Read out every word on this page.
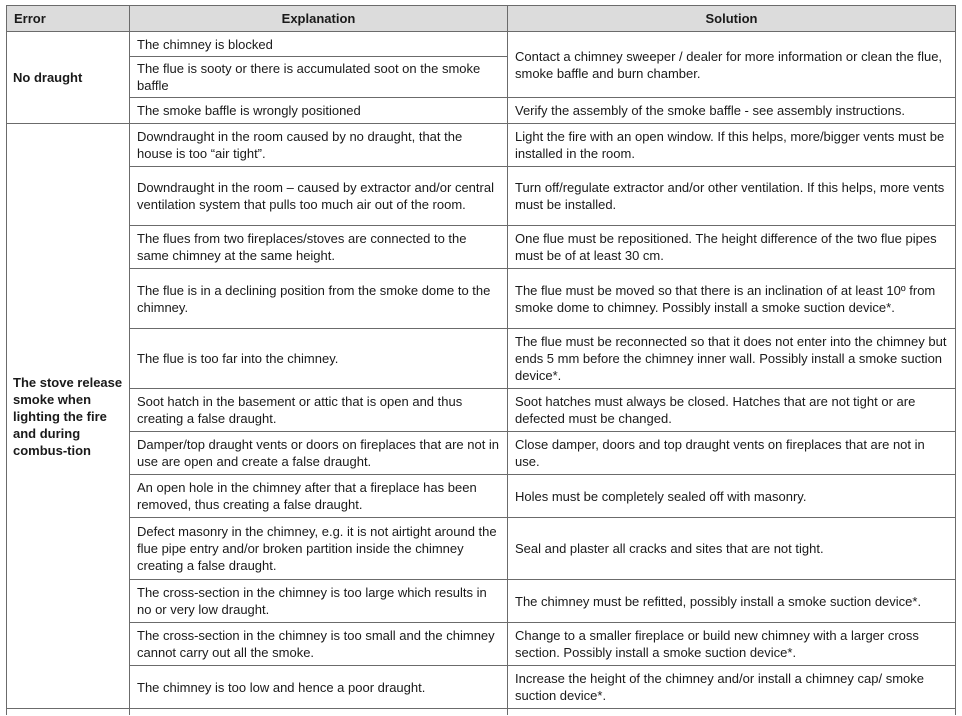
Error	Explanation	Solution
No draught	The chimney is blocked	Contact a chimney sweeper / dealer for more information or clean the flue, smoke baffle and burn chamber.
	The flue is sooty or there is accumulated soot on the smoke baffle	
	The smoke baffle is wrongly positioned	Verify the assembly of the smoke baffle - see assembly instructions.
The stove release smoke when lighting the fire and during combus-tion	Downdraught in the room caused by no draught, that the house is too “air tight”.	Light the fire with an open window. If this helps, more/bigger vents must be installed in the room.
	Downdraught in the room – caused by extractor and/or central ventilation system that pulls too much air out of the room.	Turn off/regulate extractor and/or other ventilation. If this helps, more vents must be installed.
	The flues from two fireplaces/stoves are connected to the same chimney at the same height.	One flue must be repositioned. The height difference of the two flue pipes must be of at least 30 cm.
	The flue is in a declining position from the smoke dome to the chimney.	The flue must be moved so that there is an inclination of at least 10º from smoke dome to chimney. Possibly install a smoke suction device*.
	The flue is too far into the chimney.	The flue must be reconnected so that it does not enter into the chimney but ends 5 mm before the chimney inner wall. Possibly install a smoke suction device*.
	Soot hatch in the basement or attic that is open and thus creating a false draught.	Soot hatches must always be closed. Hatches that are not tight or are defected must be changed.
	Damper/top draught vents or doors on fireplaces that are not in use are open and create a false draught.	Close damper, doors and top draught vents on fireplaces that are not in use.
	An open hole in the chimney after that a fireplace has been removed, thus creating a false draught.	Holes must be completely sealed off with masonry.
	Defect masonry in the chimney, e.g. it is not airtight around the flue pipe entry and/or broken partition inside the chimney creating a false draught.	Seal and plaster all cracks and sites that are not tight.
	The cross-section in the chimney is too large which results in no or very low draught.	The chimney must be refitted, possibly install a smoke suction device*.
	The cross-section in the chimney is too small and the chimney cannot carry out all the smoke.	Change to a smaller fireplace or build new chimney with a larger cross section. Possibly install a smoke suction device*.
	The chimney is too low and hence a poor draught.	Increase the height of the chimney and/or install a chimney cap/ smoke suction device*.
